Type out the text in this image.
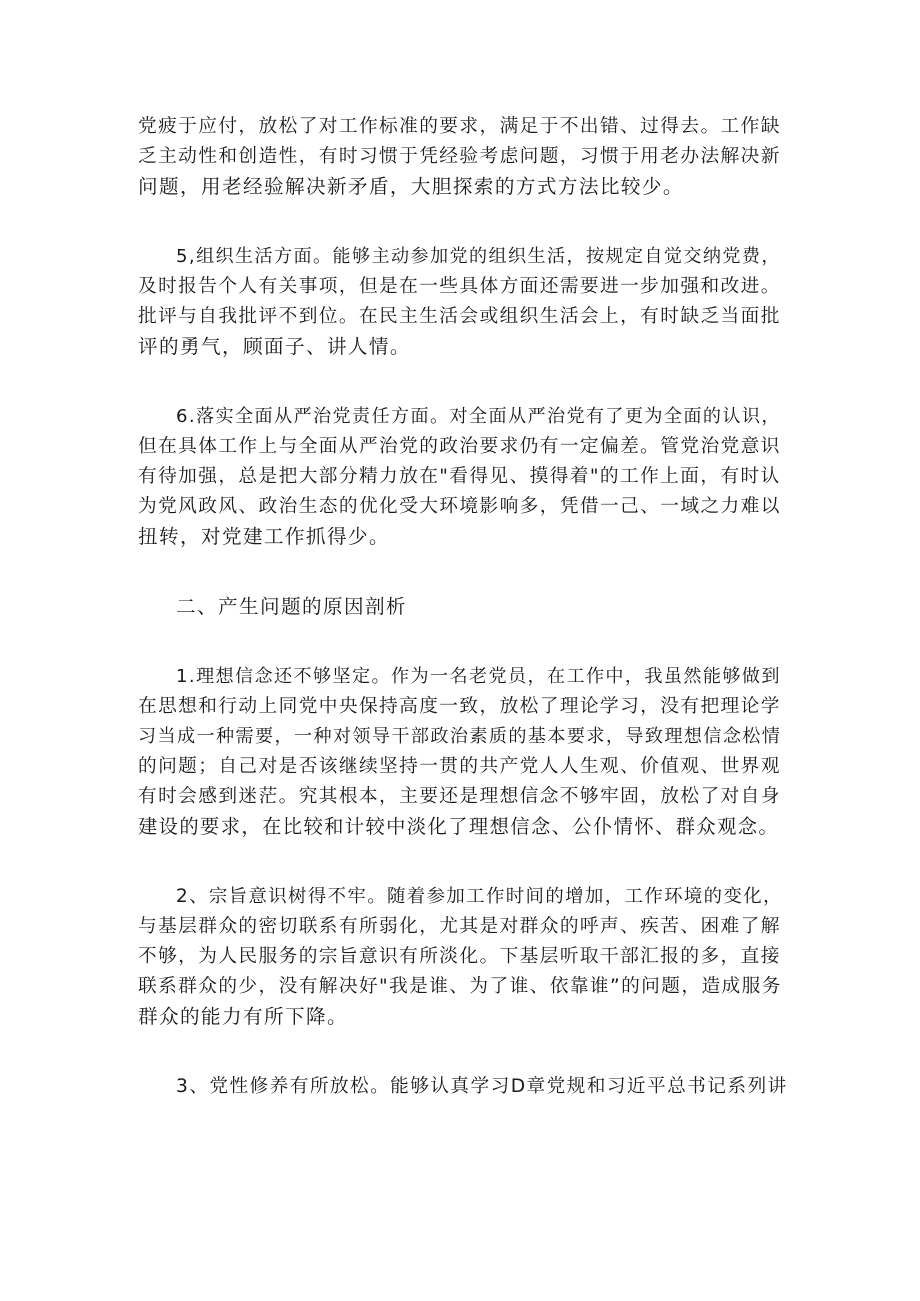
党疲于应付，放松了对工作标准的要求，满足于不出错、过得去。工作缺
乏主动性和创造性，有时习惯于凭经验考虑问题，习惯于用老办法解决新
问题，用老经验解决新矛盾，大胆探索的方式方法比较少。
5,组织生活方面。能够主动参加党的组织生活，按规定自觉交纳党费，
及时报告个人有关事项，但是在一些具体方面还需要进一步加强和改进。
批评与自我批评不到位。在民主生活会或组织生活会上，有时缺乏当面批
评的勇气，顾面子、讲人情。
6.落实全面从严治党责任方面。对全面从严治党有了更为全面的认识，
但在具体工作上与全面从严治党的政治要求仍有一定偏差。管党治党意识
有待加强，总是把大部分精力放在"看得见、摸得着"的工作上面，有时认
为党风政风、政治生态的优化受大环境影响多，凭借一己、一域之力难以
扭转，对党建工作抓得少。
二、产生问题的原因剖析
1.理想信念还不够坚定。作为一名老党员，在工作中，我虽然能够做到
在思想和行动上同党中央保持高度一致，放松了理论学习，没有把理论学
习当成一种需要，一种对领导干部政治素质的基本要求，导致理想信念松情
的问题；自己对是否该继续坚持一贯的共产党人人生观、价值观、世界观
有时会感到迷茫。究其根本，主要还是理想信念不够牢固，放松了对自身
建设的要求，在比较和计较中淡化了理想信念、公仆情怀、群众观念。
2、宗旨意识树得不牢。随着参加工作时间的增加，工作环境的变化，
与基层群众的密切联系有所弱化，尤其是对群众的呼声、疾苦、困难了解
不够，为人民服务的宗旨意识有所淡化。下基层听取干部汇报的多，直接
联系群众的少，没有解决好"我是谁、为了谁、依靠谁”的问题，造成服务
群众的能力有所下降。
3、党性修养有所放松。能够认真学习D章党规和习近平总书记系列讲
